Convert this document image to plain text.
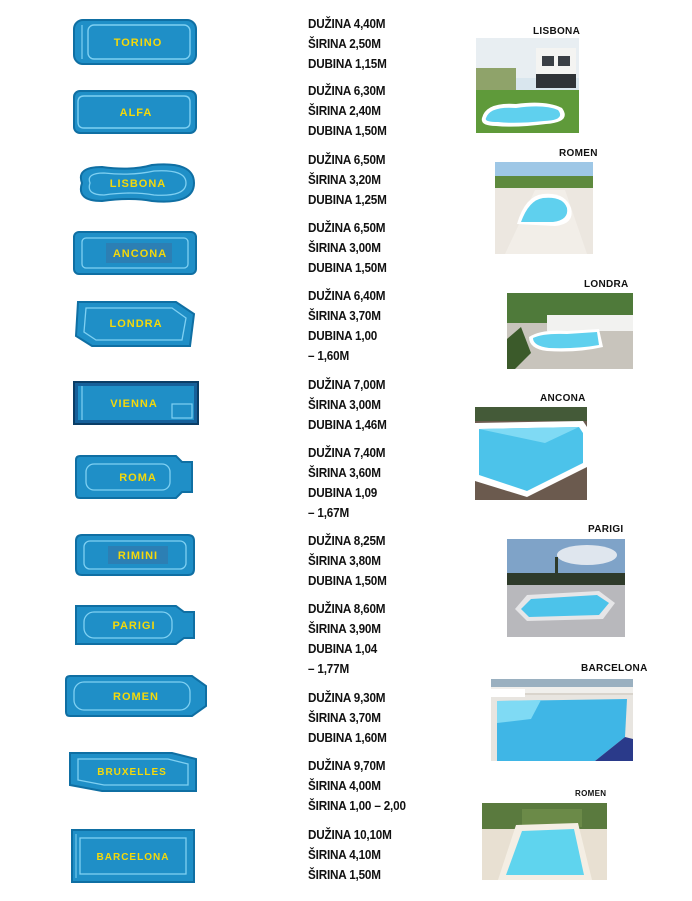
TORINO
ALFA
LISBONA
ANCONA
LONDRA
VIENNA
ROMA
RIMINI
PARIGI
ROMEN
BRUXELLES
BARCELONA
DUŽINA 4,40M
ŠIRINA 2,50M
DUBINA 1,15M
DUŽINA 6,30M
ŠIRINA 2,40M
DUBINA 1,50M
DUŽINA 6,50M
ŠIRINA 3,20M
DUBINA 1,25M
DUŽINA 6,50M
ŠIRINA 3,00M
DUBINA 1,50M
DUŽINA 6,40M
ŠIRINA 3,70M
DUBINA 1,00 – 1,60M
DUŽINA 7,00M
ŠIRINA 3,00M
DUBINA 1,46M
DUŽINA 7,40M
ŠIRINA 3,60M
DUBINA 1,09 – 1,67M
DUŽINA 8,25M
ŠIRINA 3,80M
DUBINA 1,50M
DUŽINA 8,60M
ŠIRINA 3,90M
DUBINA 1,04 – 1,77M
DUŽINA 9,30M
ŠIRINA 3,70M
DUBINA 1,60M
DUŽINA 9,70M
ŠIRINA 4,00M
ŠIRINA 1,00 – 2,00
DUŽINA 10,10M
ŠIRINA 4,10M
ŠIRINA 1,50M
LISBONA
ROMEN
LONDRA
ANCONA
PARIGI
BARCELONA
ROMEN
